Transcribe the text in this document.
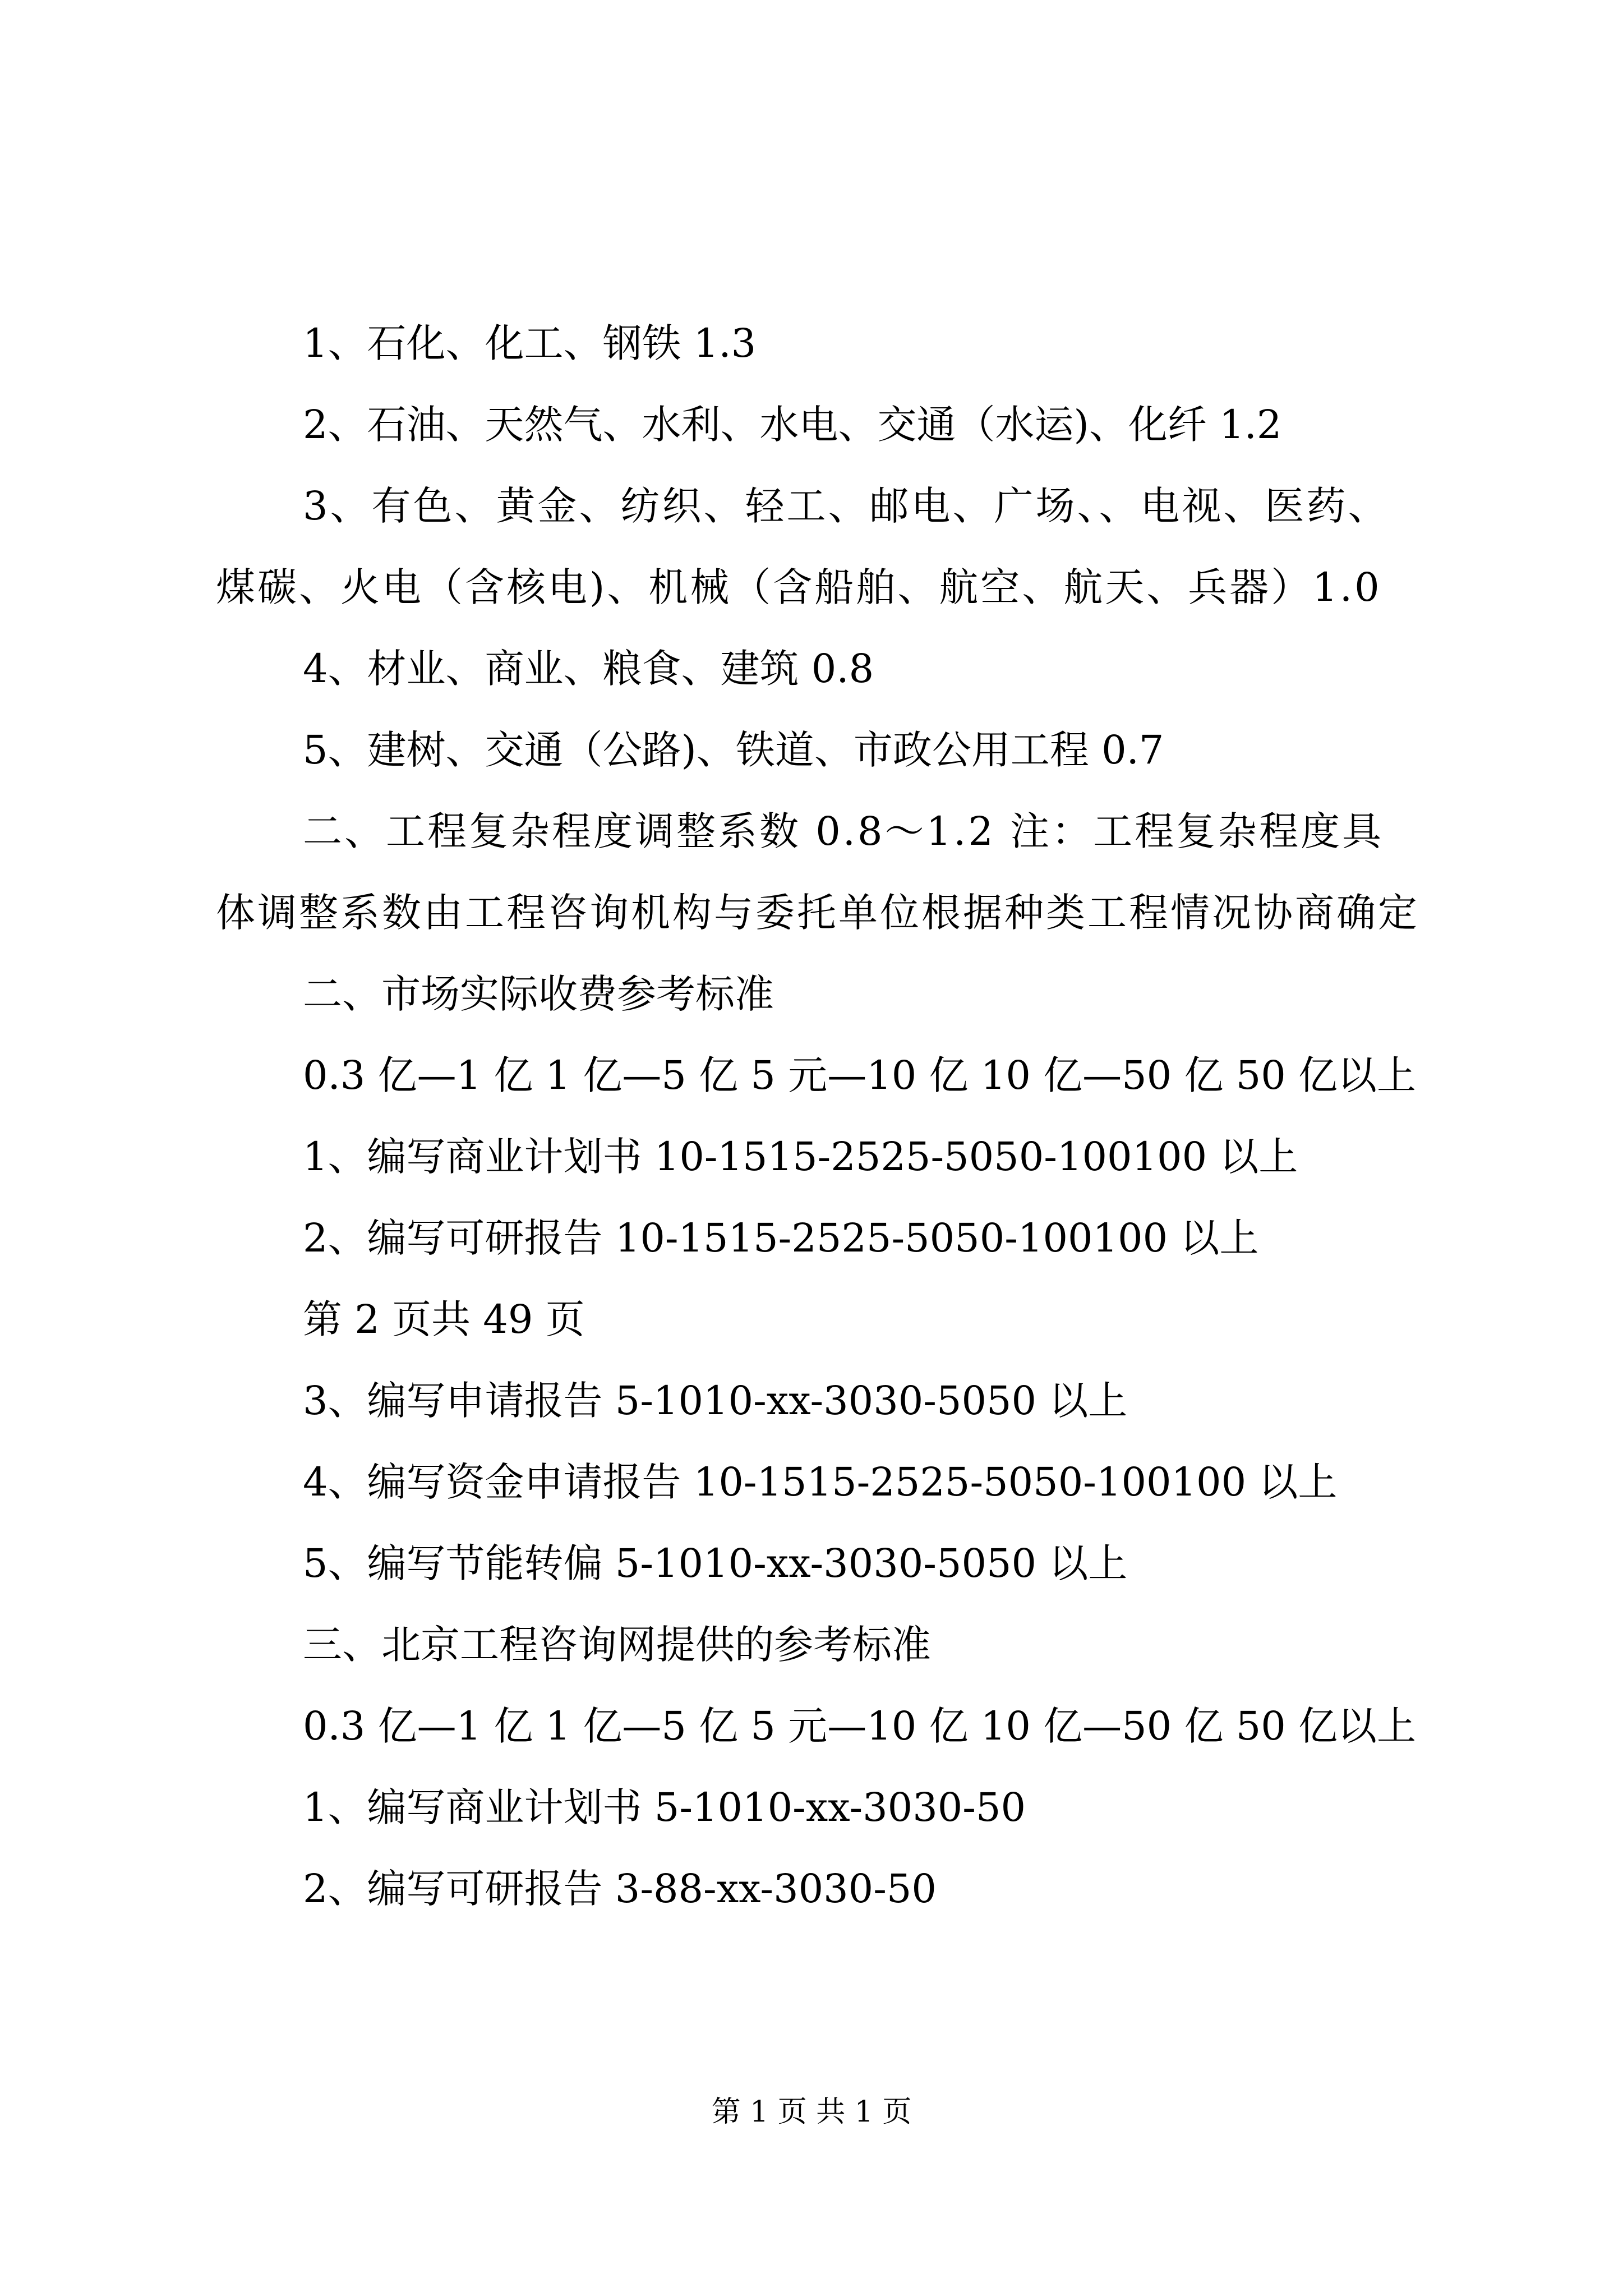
1、石化、化工、钢铁 1.3

2、石油、天然气、水利、水电、交通（水运)、化纤 1.2

3、有色、黄金、纺织、轻工、邮电、广场、、电视、医药、煤碳、火电（含核电)、机械（含船舶、航空、航天、兵器）1.0

4、材业、商业、粮食、建筑 0.8

5、建树、交通（公路)、铁道、市政公用工程 0.7

二、工程复杂程度调整系数 0.8～1.2 注：工程复杂程度具体调整系数由工程咨询机构与委托单位根据种类工程情况协商确定

二、市场实际收费参考标准

0.3 亿—1 亿 1 亿—5 亿 5 元—10 亿 10 亿—50 亿 50 亿以上

1、编写商业计划书 10-1515-2525-5050-100100 以上

2、编写可研报告 10-1515-2525-5050-100100 以上

第 2 页共 49 页

3、编写申请报告 5-1010-xx-3030-5050 以上

4、编写资金申请报告 10-1515-2525-5050-100100 以上

5、编写节能转偏 5-1010-xx-3030-5050 以上

三、北京工程咨询网提供的参考标准

0.3 亿—1 亿 1 亿—5 亿 5 元—10 亿 10 亿—50 亿 50 亿以上

1、编写商业计划书 5-1010-xx-3030-50

2、编写可研报告 3-88-xx-3030-50

第 1 页 共 1 页
